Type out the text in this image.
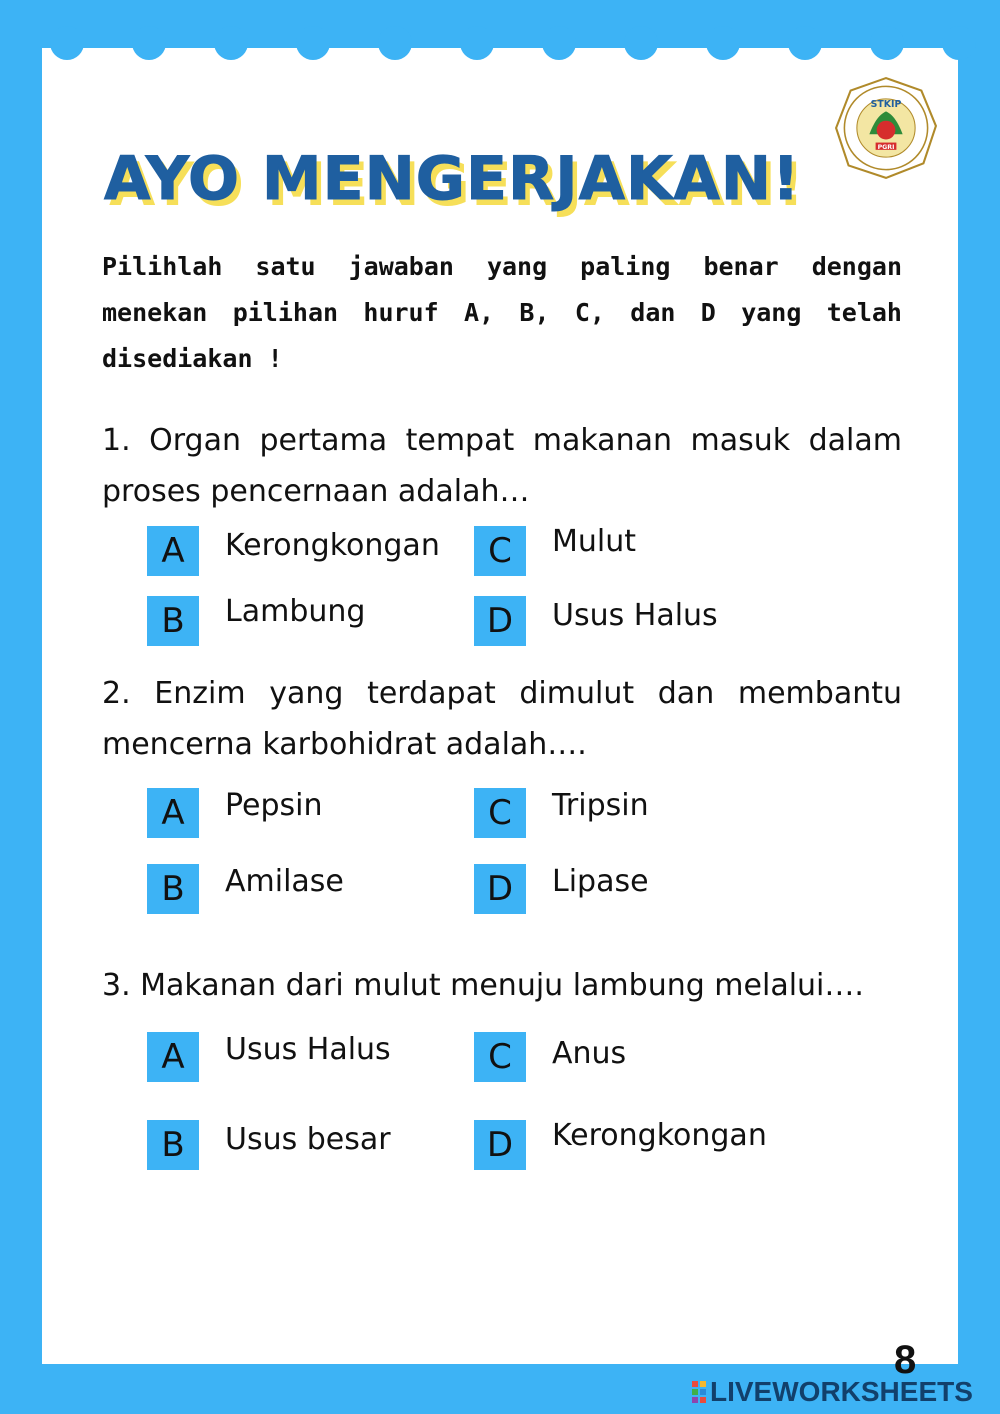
AYO MENGERJAKAN!
STKIP
PGRI

Pilihlah satu jawaban yang paling benar dengan menekan pilihan huruf A, B, C, dan D yang telah disediakan !

1. Organ pertama tempat makanan masuk dalam proses pencernaan adalah…

A	Kerongkongan
B	Lambung
C	Mulut
D	Usus Halus

2. Enzim yang terdapat dimulut dan membantu mencerna karbohidrat adalah….

A	Pepsin
B	Amilase
C	Tripsin
D	Lipase

3. Makanan dari mulut menuju lambung melalui….

A	Usus Halus
B	Usus besar
C	Anus
D	Kerongkongan
8
LIVEWORKSHEETS
